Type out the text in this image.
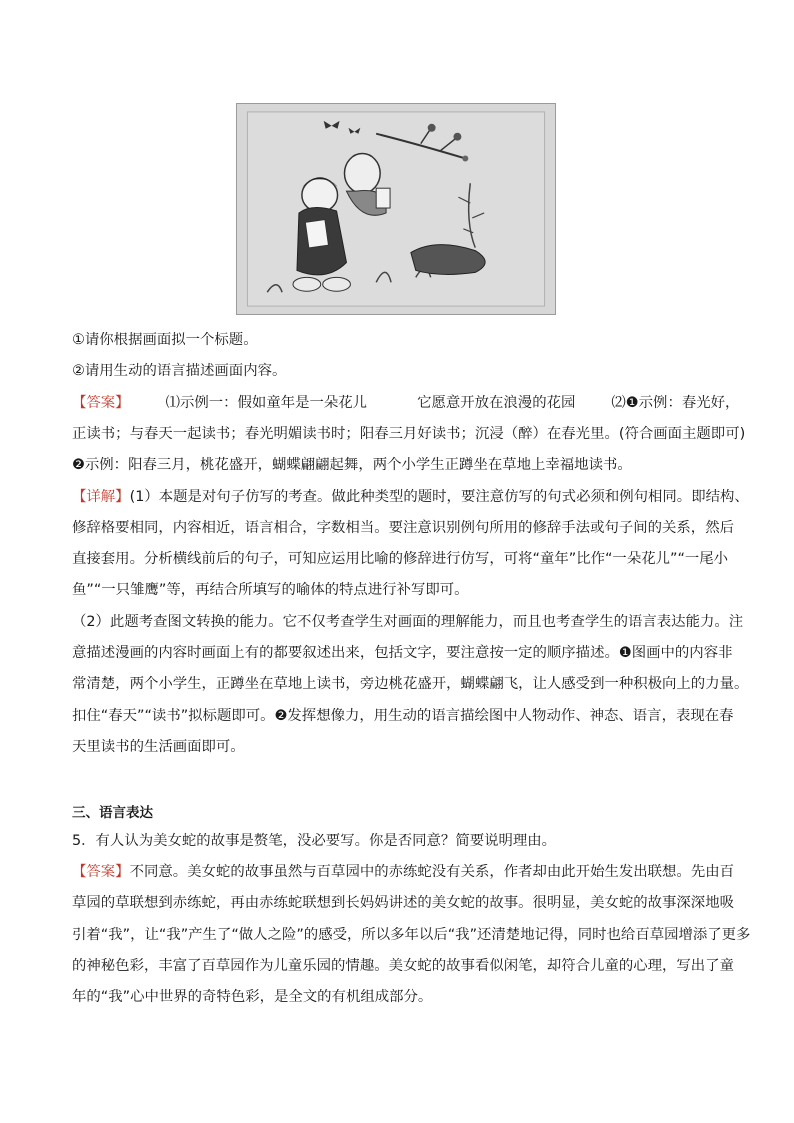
①请你根据画面拟一个标题。
②请用生动的语言描述画面内容。
【答案】	⑴示例一：假如童年是一朵花儿	它愿意开放在浪漫的花园	⑵❶示例：春光好，
正读书；与春天一起读书；春光明媚读书时；阳春三月好读书；沉浸（醉）在春光里。(符合画面主题即可)
❷示例：阳春三月，桃花盛开，蝴蝶翩翩起舞，两个小学生正蹲坐在草地上幸福地读书。
【详解】(1）本题是对句子仿写的考查。做此种类型的题时，要注意仿写的句式必须和例句相同。即结构、
修辞格要相同，内容相近，语言相合，字数相当。要注意识别例句所用的修辞手法或句子间的关系，然后
直接套用。分析横线前后的句子，可知应运用比喻的修辞进行仿写，可将“童年”比作“一朵花儿”“一尾小
鱼”“一只雏鹰”等，再结合所填写的喻体的特点进行补写即可。
（2）此题考查图文转换的能力。它不仅考查学生对画面的理解能力，而且也考查学生的语言表达能力。注
意描述漫画的内容时画面上有的都要叙述出来，包括文字，要注意按一定的顺序描述。❶图画中的内容非
常清楚，两个小学生，正蹲坐在草地上读书，旁边桃花盛开，蝴蝶翩飞，让人感受到一种积极向上的力量。
扣住“春天”“读书”拟标题即可。❷发挥想像力，用生动的语言描绘图中人物动作、神态、语言，表现在春
天里读书的生活画面即可。
三、语言表达
5．有人认为美女蛇的故事是赘笔，没必要写。你是否同意？简要说明理由。
【答案】不同意。美女蛇的故事虽然与百草园中的赤练蛇没有关系，作者却由此开始生发出联想。先由百
草园的草联想到赤练蛇，再由赤练蛇联想到长妈妈讲述的美女蛇的故事。很明显，美女蛇的故事深深地吸
引着“我”，让“我”产生了“做人之险”的感受，所以多年以后“我”还清楚地记得，同时也给百草园增添了更多
的神秘色彩，丰富了百草园作为儿童乐园的情趣。美女蛇的故事看似闲笔，却符合儿童的心理，写出了童
年的“我”心中世界的奇特色彩，是全文的有机组成部分。
